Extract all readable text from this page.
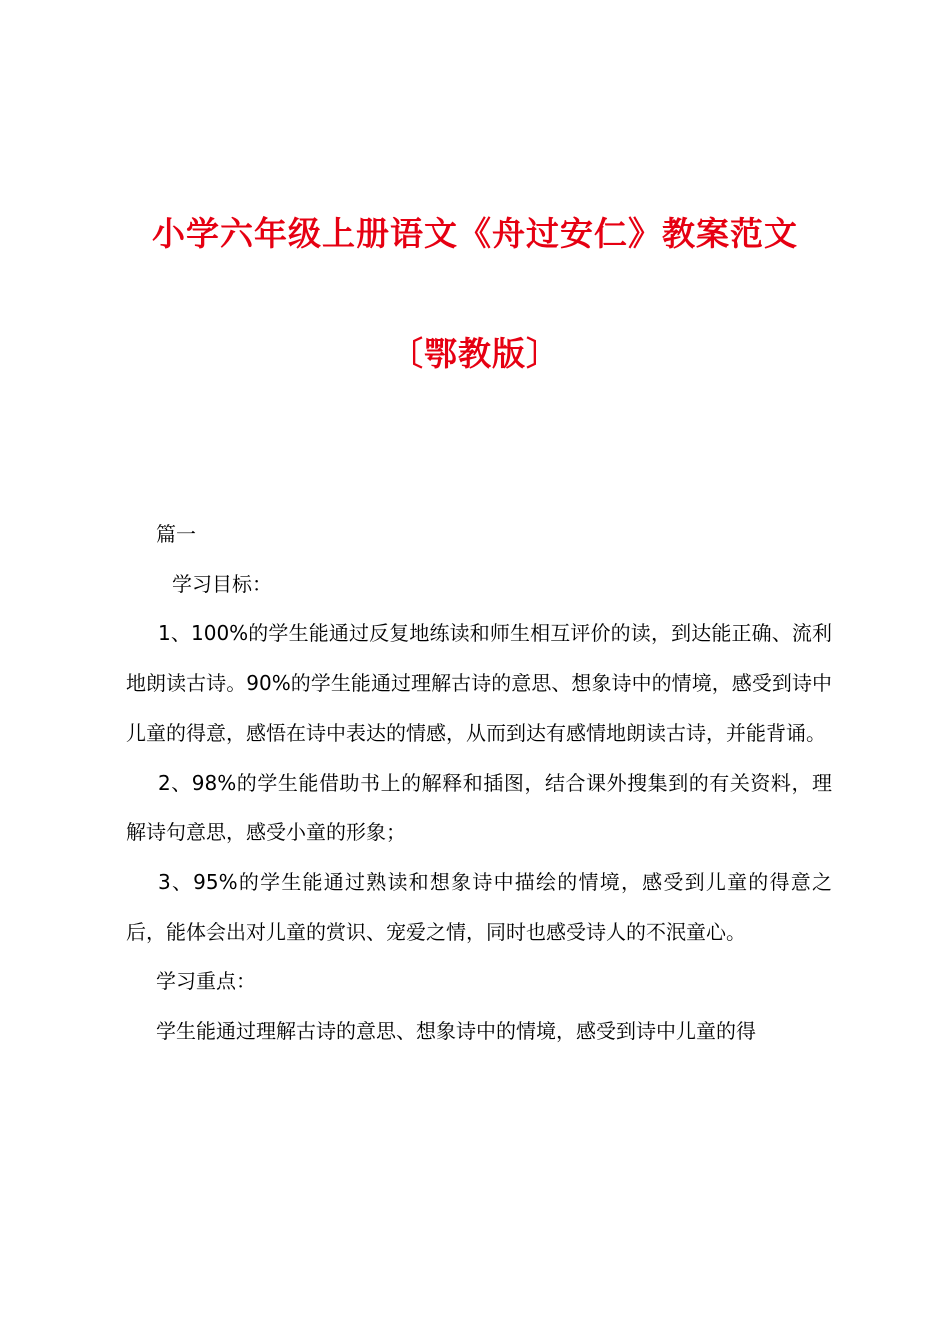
小学六年级上册语文《舟过安仁》教案范文
〔鄂教版〕

篇一

学习目标：

1、100%的学生能通过反复地练读和师生相互评价的读，到达能正确、流利地朗读古诗。90%的学生能通过理解古诗的意思、想象诗中的情境，感受到诗中儿童的得意，感悟在诗中表达的情感，从而到达有感情地朗读古诗，并能背诵。

2、98%的学生能借助书上的解释和插图，结合课外搜集到的有关资料，理解诗句意思，感受小童的形象；

3、95%的学生能通过熟读和想象诗中描绘的情境，感受到儿童的得意之后，能体会出对儿童的赏识、宠爱之情，同时也感受诗人的不泯童心。

学习重点：

学生能通过理解古诗的意思、想象诗中的情境，感受到诗中儿童的得
